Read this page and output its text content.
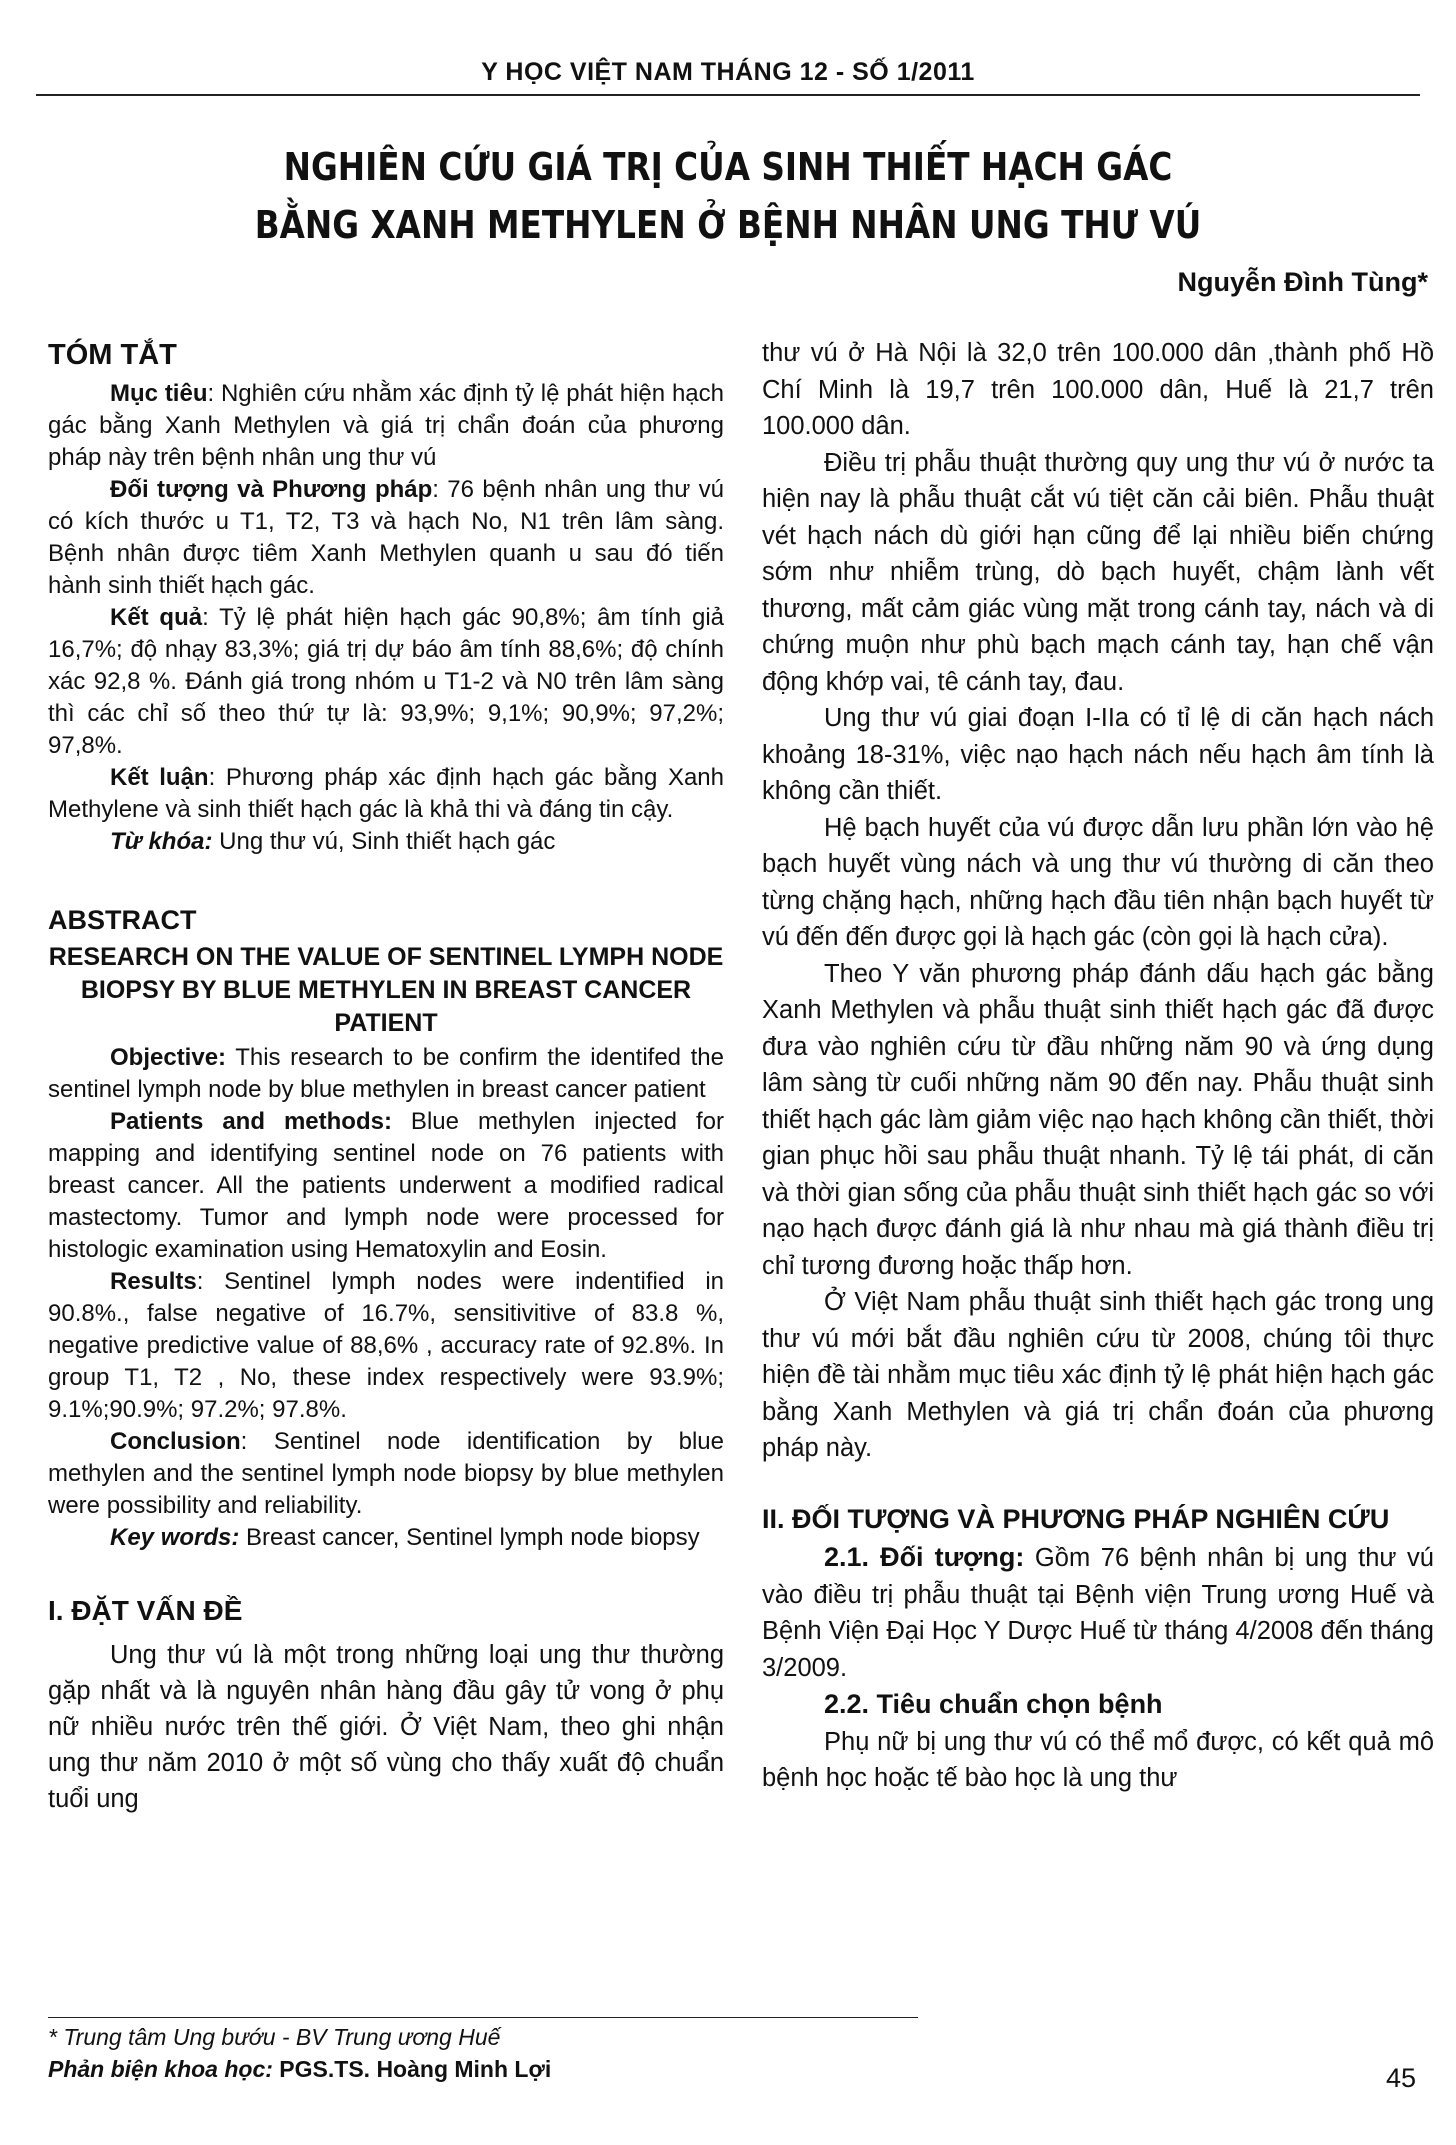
Y HỌC VIỆT NAM THÁNG 12 - SỐ 1/2011
NGHIÊN CỨU GIÁ TRỊ CỦA SINH THIẾT HẠCH GÁC
BẰNG XANH METHYLEN Ở BỆNH NHÂN UNG THƯ VÚ
Nguyễn Đình Tùng*
TÓM TẮT

Mục tiêu: Nghiên cứu nhằm xác định tỷ lệ phát hiện hạch gác bằng Xanh Methylen và giá trị chẩn đoán của phương pháp này trên bệnh nhân ung thư vú

Đối tượng và Phương pháp: 76 bệnh nhân ung thư vú có kích thước u T1, T2, T3 và hạch No, N1 trên lâm sàng. Bệnh nhân được tiêm Xanh Methylen quanh u sau đó tiến hành sinh thiết hạch gác.

Kết quả: Tỷ lệ phát hiện hạch gác 90,8%; âm tính giả 16,7%; độ nhạy 83,3%; giá trị dự báo âm tính 88,6%; độ chính xác 92,8 %. Đánh giá trong nhóm u T1-2 và N0 trên lâm sàng thì các chỉ số theo thứ tự là: 93,9%; 9,1%; 90,9%; 97,2%; 97,8%.

Kết luận: Phương pháp xác định hạch gác bằng Xanh Methylene và sinh thiết hạch gác là khả thi và đáng tin cậy.

Từ khóa: Ung thư vú, Sinh thiết hạch gác

ABSTRACT
RESEARCH ON THE VALUE OF SENTINEL LYMPH NODE BIOPSY BY BLUE METHYLEN IN BREAST CANCER PATIENT

Objective: This research to be confirm the identifed the sentinel lymph node by blue methylen in breast cancer patient

Patients and methods: Blue methylen injected for mapping and identifying sentinel node on 76 patients with breast cancer. All the patients underwent a modified radical mastectomy. Tumor and lymph node were processed for histologic examination using Hematoxylin and Eosin.

Results: Sentinel lymph nodes were indentified in 90.8%., false negative of 16.7%, sensitivitive of 83.8 %, negative predictive value of 88,6% , accuracy rate of 92.8%. In group T1, T2 , No, these index respectively were 93.9%; 9.1%;90.9%; 97.2%; 97.8%.

Conclusion: Sentinel node identification by blue methylen and the sentinel lymph node biopsy by blue methylen were possibility and reliability.

Key words: Breast cancer, Sentinel lymph node biopsy

I. ĐẶT VẤN ĐỀ

Ung thư vú là một trong những loại ung thư thường gặp nhất và là nguyên nhân hàng đầu gây tử vong ở phụ nữ nhiều nước trên thế giới. Ở Việt Nam, theo ghi nhận ung thư năm 2010 ở một số vùng cho thấy xuất độ chuẩn tuổi ung

thư vú ở Hà Nội là 32,0 trên 100.000 dân ,thành phố Hồ Chí Minh là 19,7 trên 100.000 dân, Huế là 21,7 trên 100.000 dân.

Điều trị phẫu thuật thường quy ung thư vú ở nước ta hiện nay là phẫu thuật cắt vú tiệt căn cải biên. Phẫu thuật vét hạch nách dù giới hạn cũng để lại nhiều biến chứng sớm như nhiễm trùng, dò bạch huyết, chậm lành vết thương, mất cảm giác vùng mặt trong cánh tay, nách và di chứng muộn như phù bạch mạch cánh tay, hạn chế vận động khớp vai, tê cánh tay, đau.

Ung thư vú giai đoạn I-IIa có tỉ lệ di căn hạch nách khoảng 18-31%, việc nạo hạch nách nếu hạch âm tính là không cần thiết.

Hệ bạch huyết của vú được dẫn lưu phần lớn vào hệ bạch huyết vùng nách và ung thư vú thường di căn theo từng chặng hạch, những hạch đầu tiên nhận bạch huyết từ vú đến đến được gọi là hạch gác (còn gọi là hạch cửa).

Theo Y văn phương pháp đánh dấu hạch gác bằng Xanh Methylen và phẫu thuật sinh thiết hạch gác đã được đưa vào nghiên cứu từ đầu những năm 90 và ứng dụng lâm sàng từ cuối những năm 90 đến nay. Phẫu thuật sinh thiết hạch gác làm giảm việc nạo hạch không cần thiết, thời gian phục hồi sau phẫu thuật nhanh. Tỷ lệ tái phát, di căn và thời gian sống của phẫu thuật sinh thiết hạch gác so với nạo hạch được đánh giá là như nhau mà giá thành điều trị chỉ tương đương hoặc thấp hơn.

Ở Việt Nam phẫu thuật sinh thiết hạch gác trong ung thư vú mới bắt đầu nghiên cứu từ 2008, chúng tôi thực hiện đề tài nhằm mục tiêu xác định tỷ lệ phát hiện hạch gác bằng Xanh Methylen và giá trị chẩn đoán của phương pháp này.

II. ĐỐI TƯỢNG VÀ PHƯƠNG PHÁP NGHIÊN CỨU

2.1. Đối tượng: Gồm 76 bệnh nhân bị ung thư vú vào điều trị phẫu thuật tại Bệnh viện Trung ương Huế và Bệnh Viện Đại Học Y Dược Huế từ tháng 4/2008 đến tháng 3/2009.

2.2. Tiêu chuẩn chọn bệnh

Phụ nữ bị ung thư vú có thể mổ được, có kết quả mô bệnh học hoặc tế bào học là ung thư

* Trung tâm Ung bướu - BV Trung ương Huế
Phản biện khoa học: PGS.TS. Hoàng Minh Lợi	45
